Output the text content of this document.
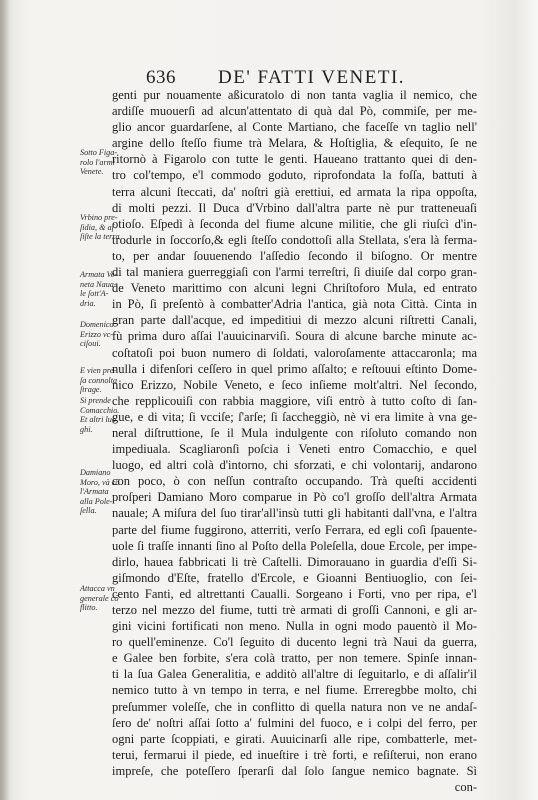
636 DE' FATTI VENETI.
Sotto Figa-
rolo l'armi
Venete.
Vrbino pre-
ſidia, & aſ-
ſiſte la terra
Armata Ve-
neta Naua-
le ſott'A-
dria.
Domenico
Erizzo vc-
ciſoui.
E vien pre-
ſa connolta
ſtrage.
Si prende
Comacchio.
Et altri luo
ghi.
Damiano
Moro, và cõ
l'Armata
alla Pole-
ſella.
Attacca vn
generale cõ
flitto.
genti pur nouamente aßicuratolo di non tanta vaglia il nemico, che
ardiſſe muouerſi ad alcun'attentato di quà dal Pò, commiſe, per me-
glio ancor guardarſene, al Conte Martiano, che faceſſe vn taglio nell'
argine dello ſteſſo fiume trà Melara, & Hoſtiglia, & eſequito, ſe ne
ritornò à Figarolo con tutte le genti. Haueano trattanto quei di den-
tro col'tempo, e'l commodo goduto, riprofondata la foſſa, battuti à
terra alcuni ſteccati, da' noſtri già erettiui, ed armata la ripa oppoſta,
di molti pezzi. Il Duca d'Vrbino dall'altra parte nè pur tratteneuaſi
otioſo. Eſpedì à ſeconda del fiume alcune militie, che gli riuſcì d'in-
trodurle in ſoccorſo,& egli ſteſſo condottoſi alla Stellata, s'era là ferma-
to, per andar ſouuenendo l'aſſedio ſecondo il biſogno. Or mentre
di tal maniera guerreggiaſi con l'armi terreſtri, ſi diuiſe dal corpo gran-
de Veneto marittimo con alcuni legni Chriſtoforo Mula, ed entrato
in Pò, ſi preſentò à combatter'Adria l'antica, già nota Città. Cinta in
gran parte dall'acque, ed impeditiui di mezzo alcuni riſtretti Canali,
fù prima duro aſſai l'auuicinarviſi. Soura di alcune barche minute ac-
coſtatoſi poi buon numero di ſoldati, valoroſamente attaccaronla; ma
nulla i difenſori ceſſero in quel primo aſſalto; e reſtouui eſtinto Dome-
nico Erizzo, Nobile Veneto, e ſeco inſieme molt'altri. Nel ſecondo,
che repplicouiſi con rabbia maggiore, viſi entrò à tutto coſto di ſan-
gue, e di vita; ſi vcciſe; ſ'arſe; ſi ſaccheggiò, nè vi era limite à vna ge-
neral diſtruttione, ſe il Mula indulgente con riſoluto comando non
impediuala. Scagliaronſi poſcia i Veneti entro Comacchio, e quel
luogo, ed altri colà d'intorno, chi sforzati, e chi volontarij, andarono
con poco, ò con neſſun contraſto occupando. Trà queſti accidenti
proſperi Damiano Moro comparue in Pò co'l groſſo dell'altra Armata
nauale; A miſura del ſuo tirar'all'insù tutti gli habitanti dall'vna, e l'altra
parte del fiume fuggirono, atterriti, verſo Ferrara, ed egli coſì ſpauente-
uole ſi traſſe innanti ſino al Poſto della Poleſella, doue Ercole, per impe-
dirlo, hauea fabbricati li trè Caſtelli. Dimorauano in guardia d'eſſi Si-
giſmondo d'Eſte, fratello d'Ercole, e Gioanni Bentiuoglio, con ſei-
cento Fanti, ed altrettanti Caualli. Sorgeano i Forti, vno per ripa, e'l
terzo nel mezzo del fiume, tutti trè armati di groſſi Cannoni, e gli ar-
gini vicini fortificati non meno. Nulla in ogni modo pauentò il Mo-
ro quell'eminenze. Co'l ſeguito di ducento legni trà Naui da guerra,
e Galee ben forbite, s'era colà tratto, per non temere. Spinſe innan-
ti la ſua Galea Generalitia, e additò all'altre di ſeguitarlo, e di aſſalir'il
nemico tutto à vn tempo in terra, e nel fiume. Erreregbbe molto, chi
preſummer voleſſe, che in conflitto di quella natura non ve ne andaſ-
ſero de' noſtri aſſai ſotto a' fulmini del fuoco, e i colpi del ferro, per
ogni parte ſcoppiati, e girati. Auuicinarſi alle ripe, combatterle, met-
terui, fermarui il piede, ed inueſtire i trè forti, e reſiſterui, non erano
impreſe, che poteſſero ſperarſi dal ſolo ſangue nemico bagnate. Sì
con-
